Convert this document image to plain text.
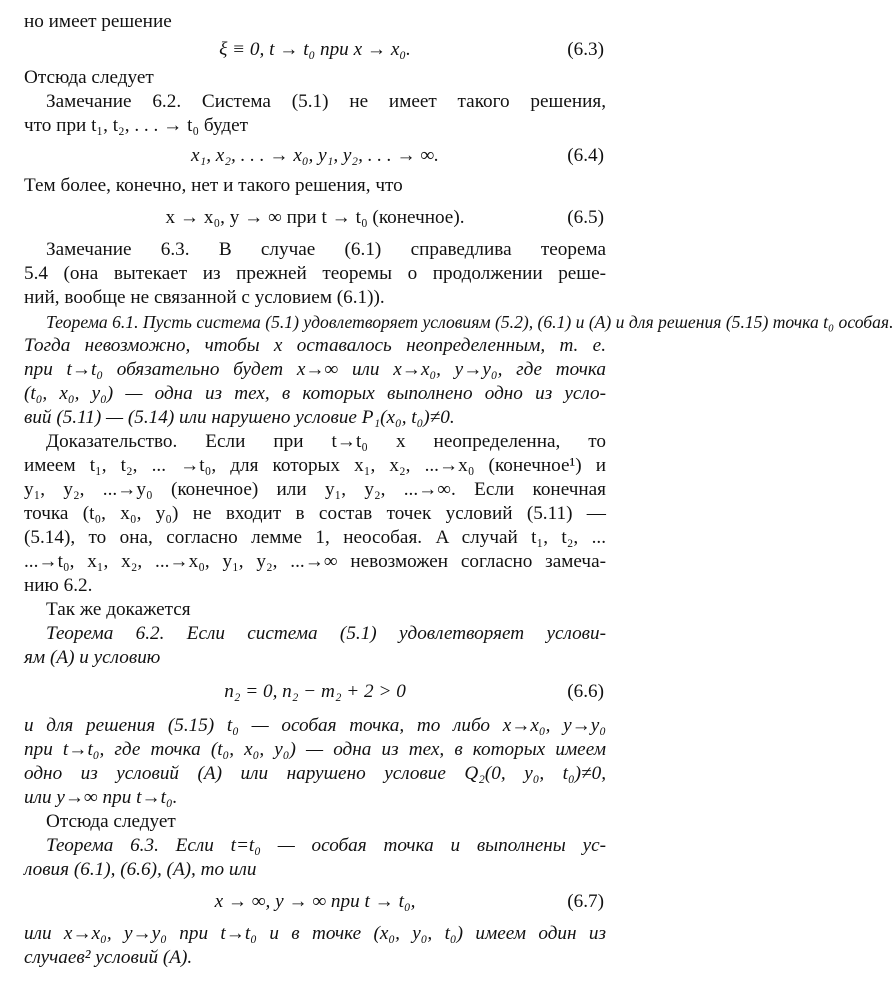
но имеет решение
ξ ≡ 0, t → t₀ при x → x₀.	(6.3)
Отсюда следует
Замечание 6.2. Система (5.1) не имеет такого решения,
что при t₁, t₂, . . . → t₀ будет
x₁, x₂, . . . → x₀, y₁, y₂, . . . → ∞.	(6.4)
Тем более, конечно, нет и такого решения, что
x → x₀, y → ∞ при t → t₀ (конечное).	(6.5)
Замечание 6.3. В случае (6.1) справедлива теорема
5.4 (она вытекает из прежней теоремы о продолжении реше-
ний, вообще не связанной с условием (6.1)).
Теорема 6.1. Пусть система (5.1) удовлетворяет условиям (5.2), (6.1) и (A) и для решения (5.15) точка t₀ особая.
Тогда невозможно, чтобы x оставалось неопределенным, т. е.
при t→t₀ обязательно будет x→∞ или x→x₀, y→y₀, где точка
(t₀, x₀, y₀) — одна из тех, в которых выполнено одно из усло-
вий (5.11) — (5.14) или нарушено условие P₁(x₀, t₀)≠0.
Доказательство. Если при t→t₀ x неопределенна, то
имеем t₁, t₂, ... →t₀, для которых x₁, x₂, ...→x₀ (конечное¹) и
y₁, y₂, ...→y₀ (конечное) или y₁, y₂, ...→∞. Если конечная
точка (t₀, x₀, y₀) не входит в состав точек условий (5.11) —
(5.14), то она, согласно лемме 1, неособая. A случай t₁, t₂, ...
...→t₀, x₁, x₂, ...→x₀, y₁, y₂, ...→∞ невозможен согласно замеча-
нию 6.2.
Так же докажется
Теорема 6.2. Если система (5.1) удовлетворяет услови-
ям (A) и условию
n₂ = 0, n₂ − m₂ + 2 > 0	(6.6)
и для решения (5.15) t₀ — особая точка, то либо x→x₀, y→y₀
при t→t₀, где точка (t₀, x₀, y₀) — одна из тех, в которых имеем
одно из условий (A) или нарушено условие Q₂(0, y₀, t₀)≠0,
или y→∞ при t→t₀.
Отсюда следует
Теорема 6.3. Если t=t₀ — особая точка и выполнены ус-
ловия (6.1), (6.6), (A), то или
x → ∞, y → ∞ при t → t₀,	(6.7)
или x→x₀, y→y₀ при t→t₀ и в точке (x₀, y₀, t₀) имеем один из
случаев² условий (A).
